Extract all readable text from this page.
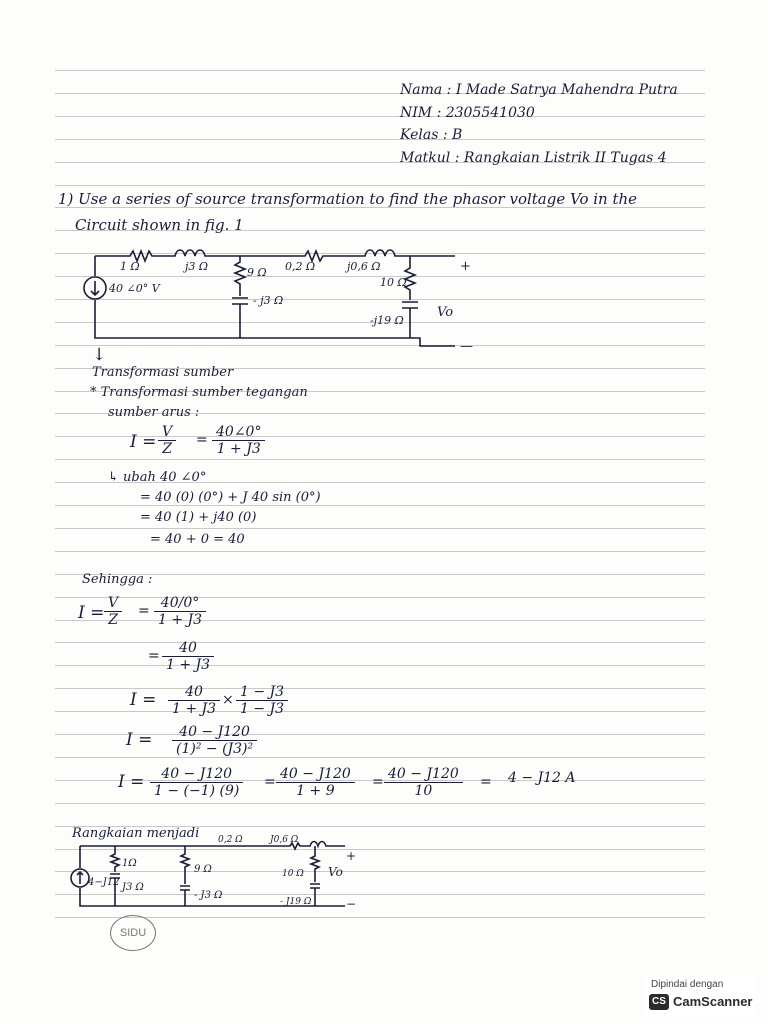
Nama : I Made Satrya Mahendra Putra
NIM : 2305541030
Kelas : B
Matkul : Rangkaian Listrik II Tugas 4
1) Use a series of source transformation to find the phasor voltage Vo in the
Circuit shown in fig. 1
1 Ω	j3 Ω	9 Ω 0,2 Ω	j0,6 Ω
10 Ω
- j3 Ω
-j19 Ω
40 ∠0° V
Vo
+
—
↓
Transformasi sumber
* Transformasi sumber tegangan
sumber arus :
$I = \frac{V}{Z} = \frac{40\angle 0^\circ}{1 + J3}$
↳ ubah 40 ∠0°
= 40 (0) (0°) + J 40 sin (0°)
= 40 (1) + j40 (0)
= 40 + 0 = 40
Sehingga :
$I = \frac{V}{Z} = \frac{40/0^\circ}{1 + J3}$
= $\frac{40}{1 + J3}$
$I = \frac{40}{1 + J3} \times \frac{1 - J3}{1 - J3}$
$I = \frac{40 - J120}{\text{(1)² − (J3)²}}$
$I = \frac{40 - J120}{1 - (-1) (9)} = \frac{40 - J120}{1 + 9} = \frac{40 - J120}{10} = 4 - J12$ A
Rangkaian menjadi
4−J12
1Ω
J3 Ω
9 Ω
- J3 Ω
0,2 Ω	J0,6 Ω
10 Ω
- J19 Ω
Vo
+
−
SIDU
Dipindai dengan
CS CamScanner
